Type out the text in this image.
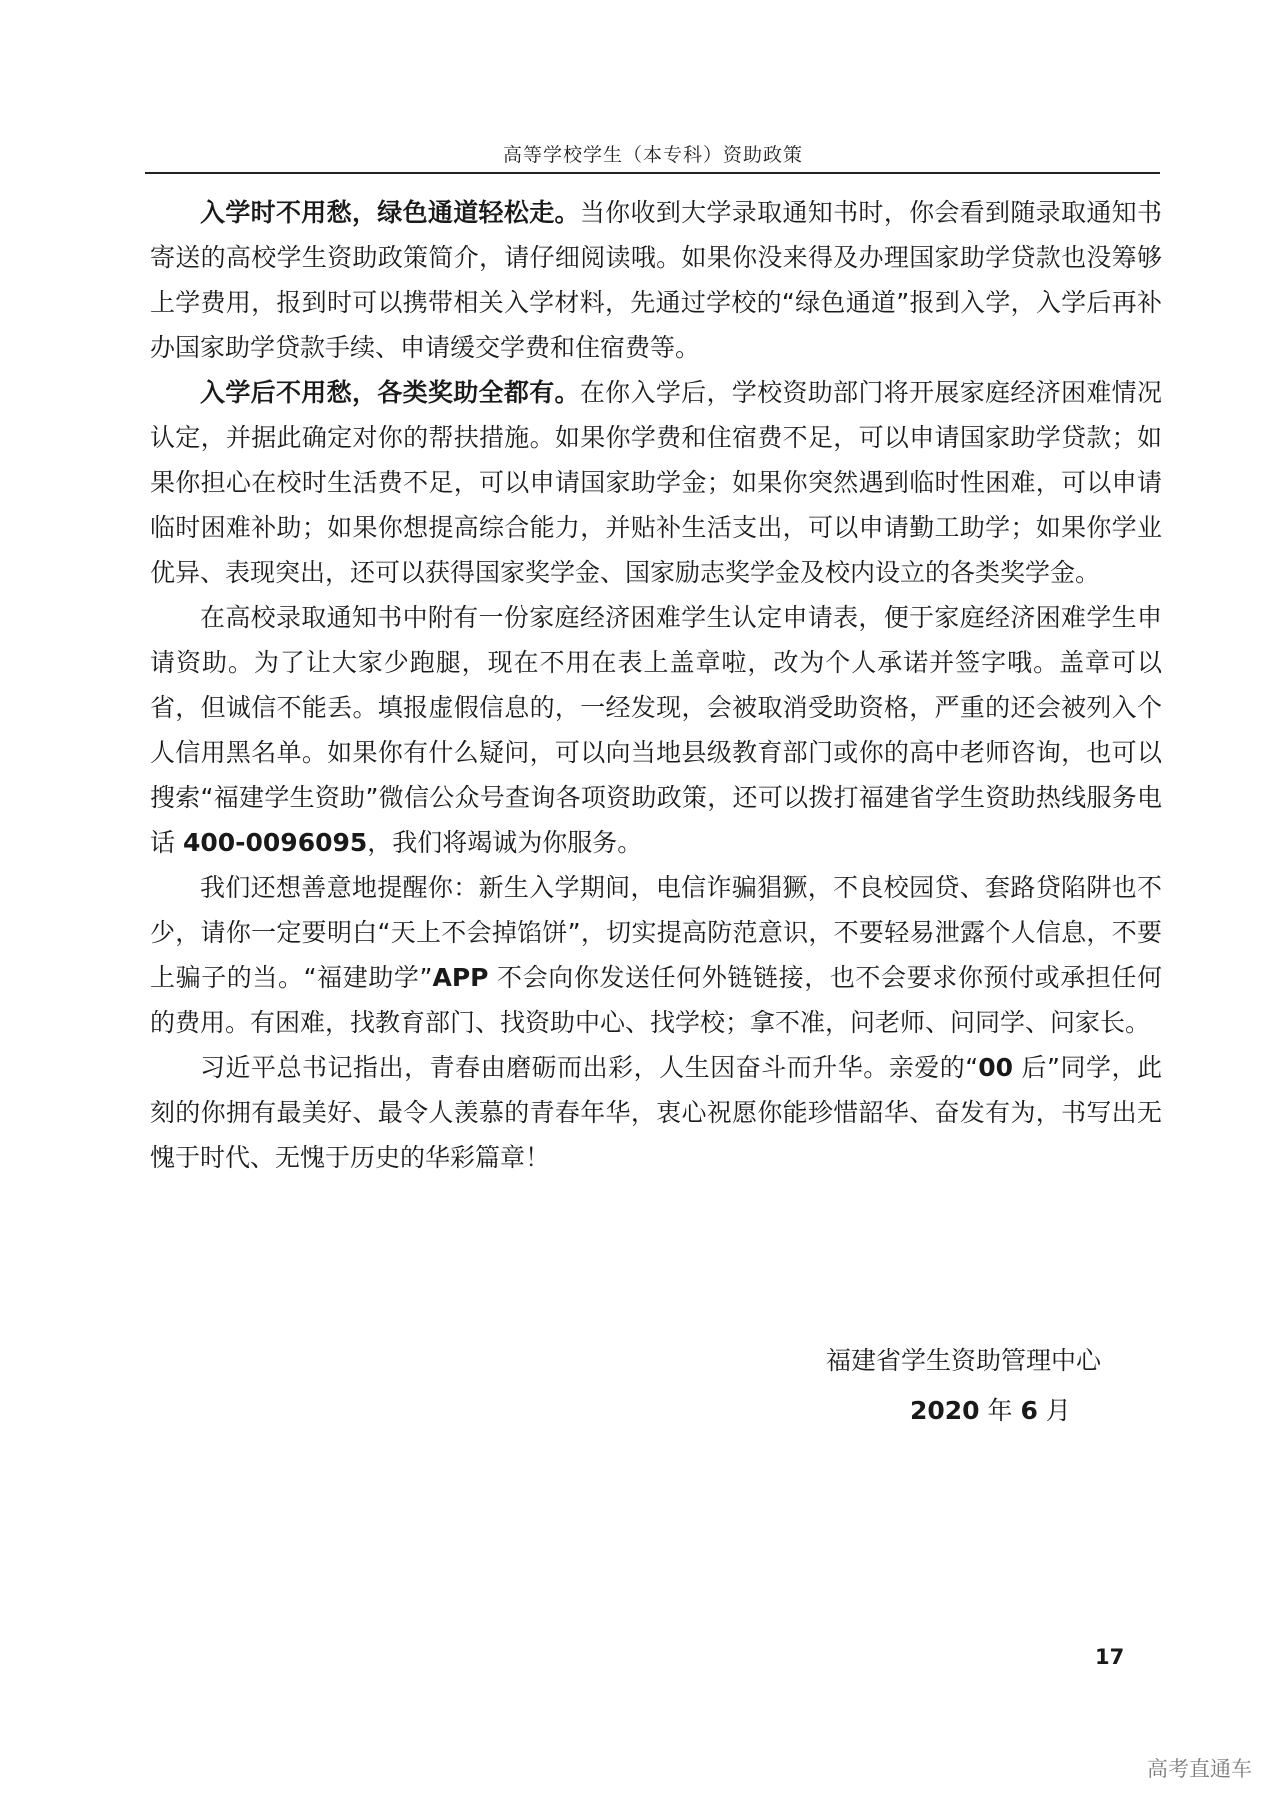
高等学校学生（本专科）资助政策

入学时不用愁，绿色通道轻松走。当你收到大学录取通知书时，你会看到随录取通知书寄送的高校学生资助政策简介，请仔细阅读哦。如果你没来得及办理国家助学贷款也没筹够上学费用，报到时可以携带相关入学材料，先通过学校的“绿色通道”报到入学，入学后再补办国家助学贷款手续、申请缓交学费和住宿费等。

入学后不用愁，各类奖助全都有。在你入学后，学校资助部门将开展家庭经济困难情况认定，并据此确定对你的帮扶措施。如果你学费和住宿费不足，可以申请国家助学贷款；如果你担心在校时生活费不足，可以申请国家助学金；如果你突然遇到临时性困难，可以申请临时困难补助；如果你想提高综合能力，并贴补生活支出，可以申请勤工助学；如果你学业优异、表现突出，还可以获得国家奖学金、国家励志奖学金及校内设立的各类奖学金。

在高校录取通知书中附有一份家庭经济困难学生认定申请表，便于家庭经济困难学生申请资助。为了让大家少跑腿，现在不用在表上盖章啦，改为个人承诺并签字哦。盖章可以省，但诚信不能丢。填报虚假信息的，一经发现，会被取消受助资格，严重的还会被列入个人信用黑名单。如果你有什么疑问，可以向当地县级教育部门或你的高中老师咨询，也可以搜索“福建学生资助”微信公众号查询各项资助政策，还可以拨打福建省学生资助热线服务电话 400-0096095，我们将竭诚为你服务。

我们还想善意地提醒你：新生入学期间，电信诈骗猖獗，不良校园贷、套路贷陷阱也不少，请你一定要明白“天上不会掉馅饼”，切实提高防范意识，不要轻易泄露个人信息，不要上骗子的当。“福建助学”APP 不会向你发送任何外链链接，也不会要求你预付或承担任何的费用。有困难，找教育部门、找资助中心、找学校；拿不准，问老师、问同学、问家长。

习近平总书记指出，青春由磨砺而出彩，人生因奋斗而升华。亲爱的“00 后”同学，此刻的你拥有最美好、最令人羡慕的青春年华，衷心祝愿你能珍惜韶华、奋发有为，书写出无愧于时代、无愧于历史的华彩篇章！

福建省学生资助管理中心
2020 年 6 月
17
高考直通车
